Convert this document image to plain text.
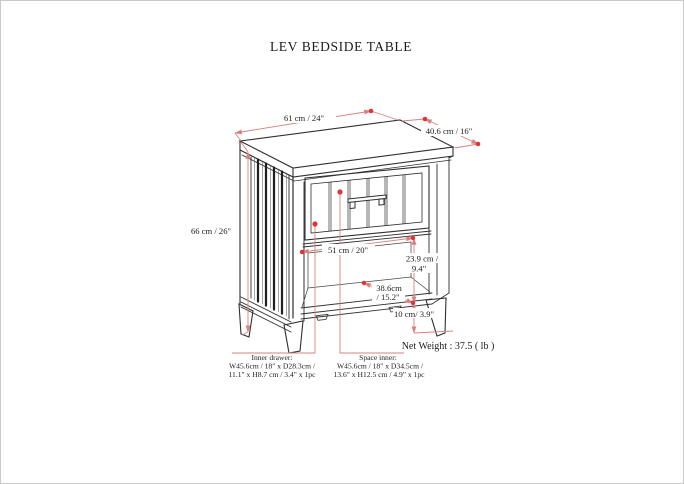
LEV BEDSIDE TABLE
61 cm / 24"
40.6 cm / 16"
66 cm / 26"
51 cm / 20"
23.9 cm /
9.4"
38.6cm
/ 15.2"
10 cm/ 3.9"
Inner drawer:
W45.6cm / 18" x D28.3cm /
11.1" x H8.7 cm / 3.4" x 1pc
Space inner:
W45.6cm / 18" x D34.5cm /
13.6" x H12.5 cm / 4.9" x 1pc
Net Weight : 37.5 ( lb )
